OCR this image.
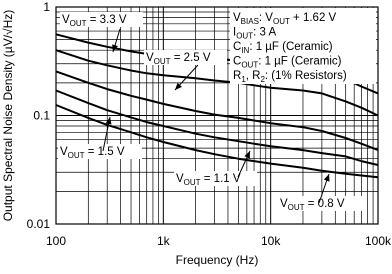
$V_{BIAS}$: $V_{OUT} + 1.62$ V
$I_{OUT}$: 3 A
$C_{IN}$: 1 µF (Ceramic)
$C_{OUT}$: 1 µF (Ceramic)
$R_1$, $R_2$: (1% Resistors)
$V_{OUT} = 3.3$ V
$V_{OUT} = 2.5$ V
$V_{OUT} = 1.5$ V
$V_{OUT} = 1.1$ V
$V_{OUT} = 0.8$ V
100	1k	10k	100k
1
0.1
0.01
Frequency (Hz)
Output Spectral Noise Density (µV/√Hz)
